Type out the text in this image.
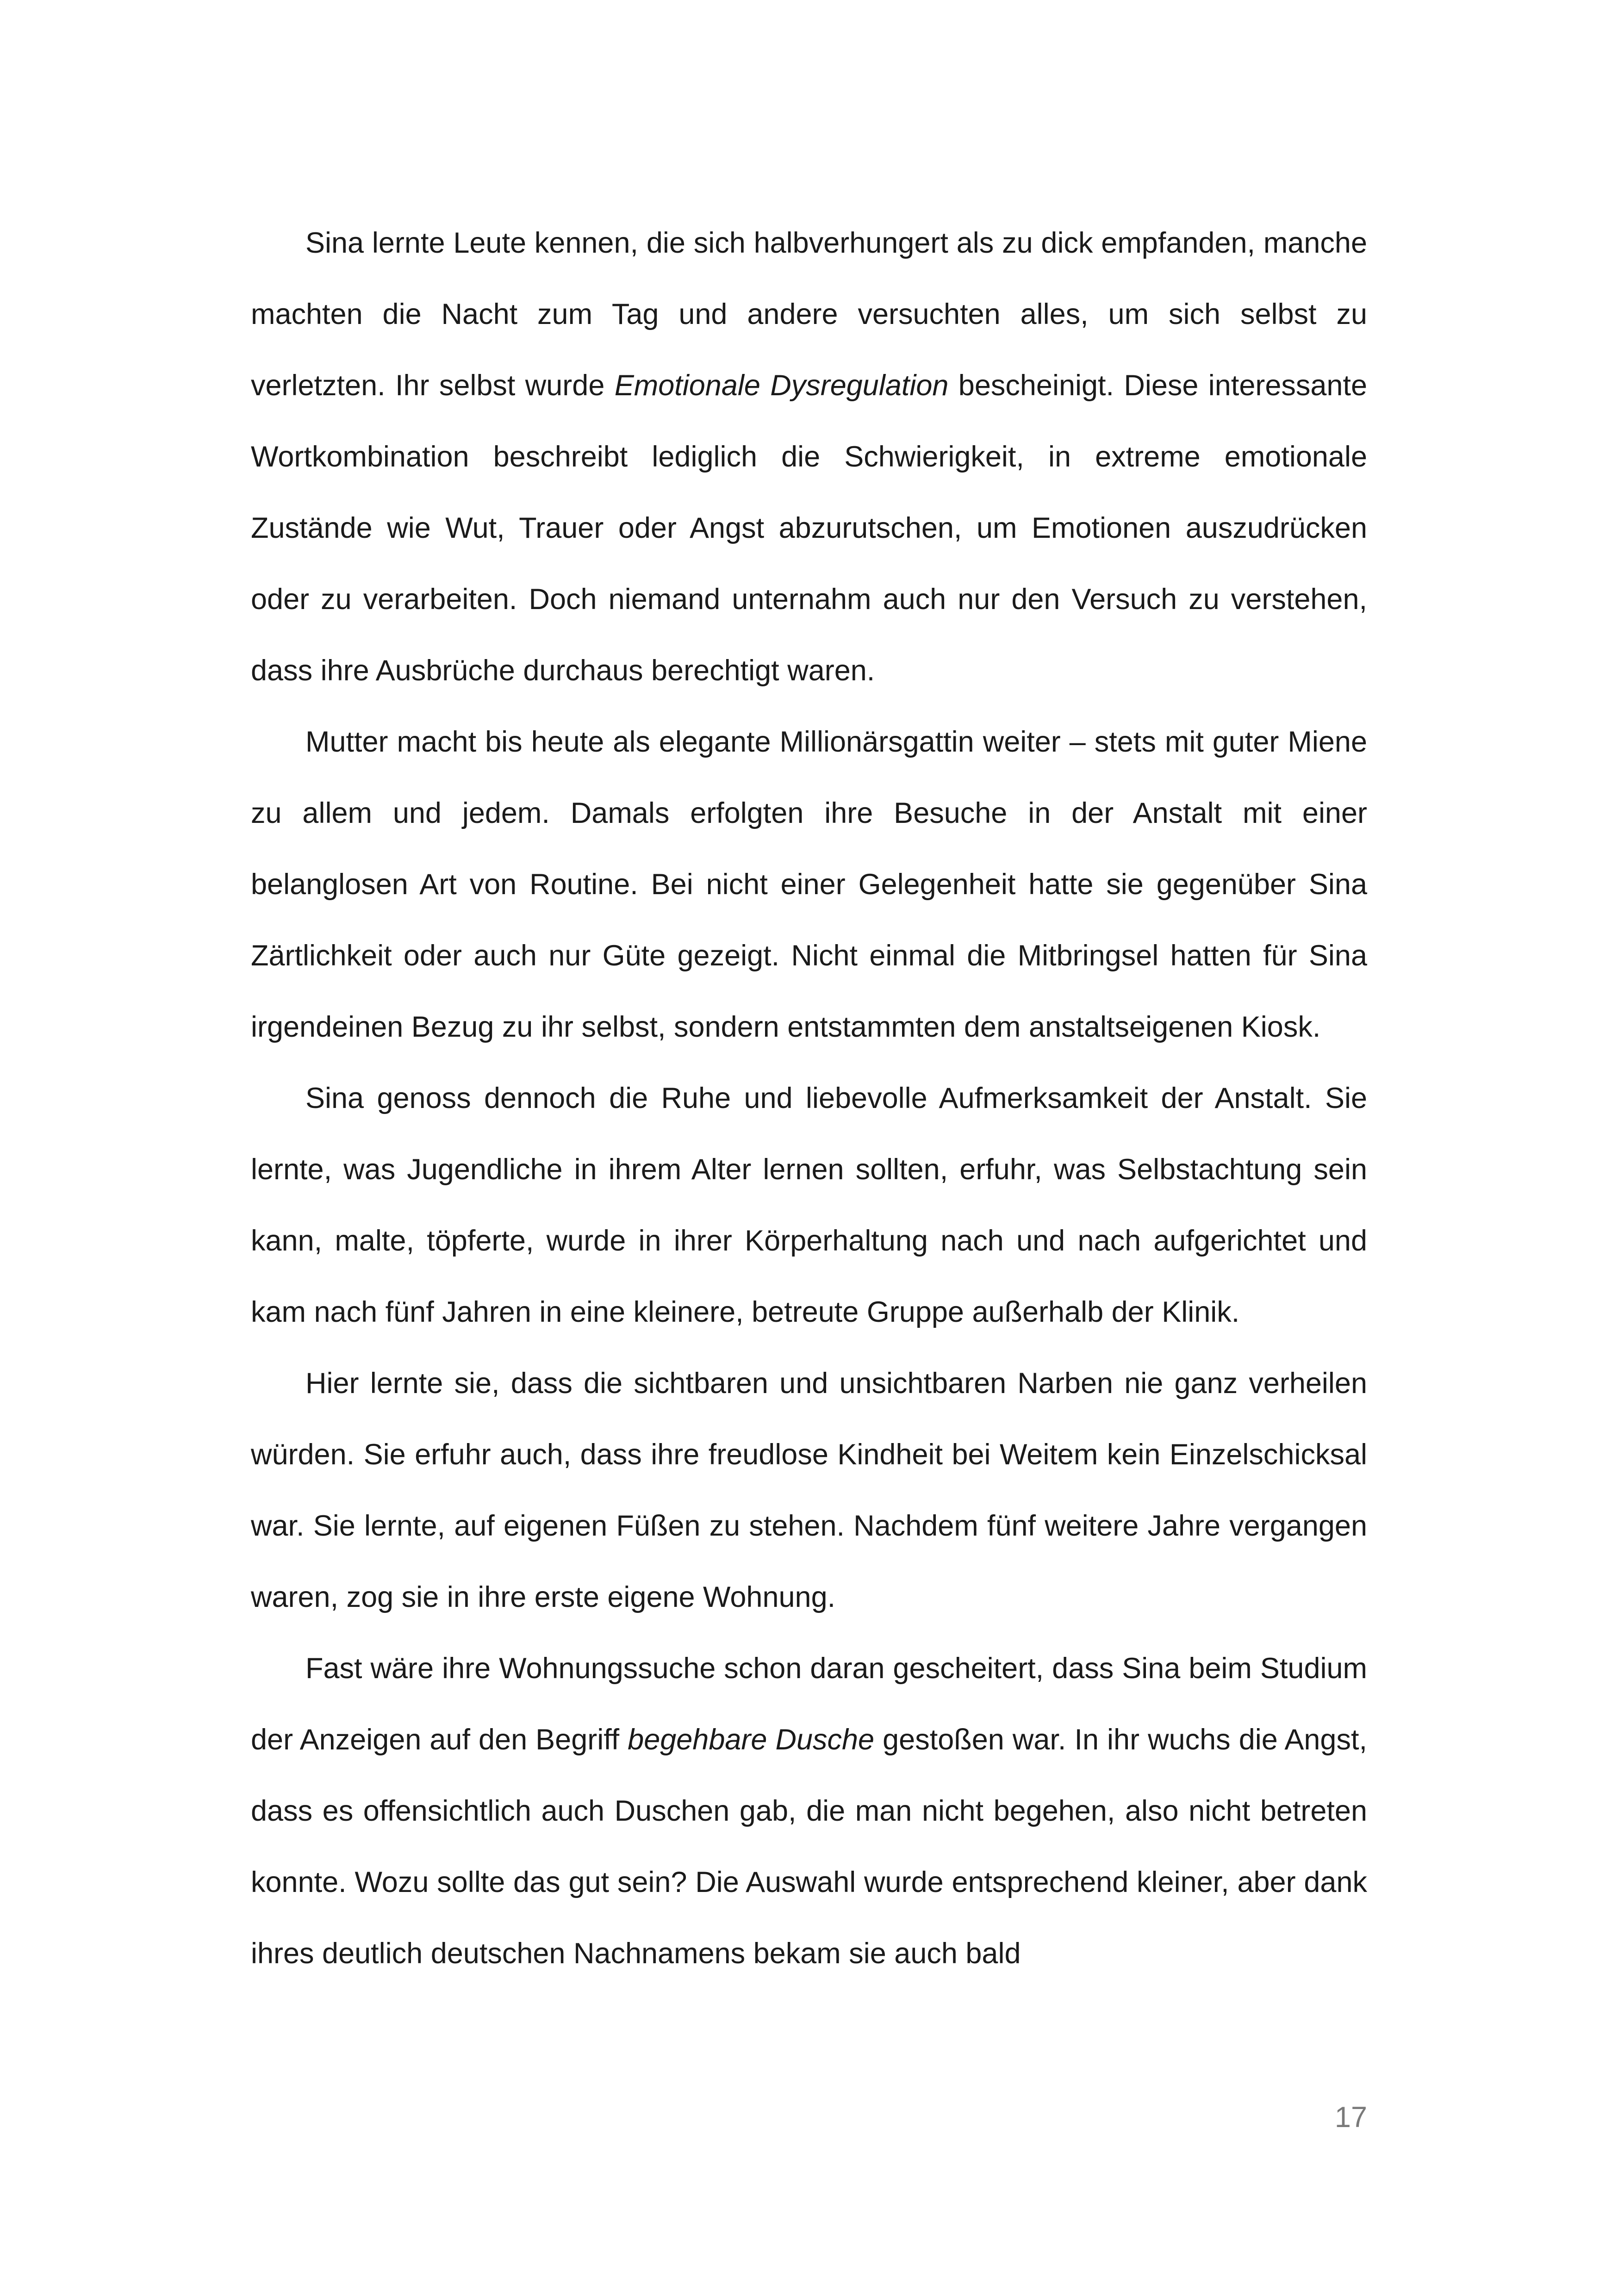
Sina lernte Leute kennen, die sich halbverhungert als zu dick empfanden, manche machten die Nacht zum Tag und andere versuchten alles, um sich selbst zu verletzten. Ihr selbst wurde Emotionale Dysregulation bescheinigt. Diese interessante Wortkombination beschreibt lediglich die Schwierigkeit, in extreme emotionale Zustände wie Wut, Trauer oder Angst abzurutschen, um Emotionen auszudrücken oder zu verarbeiten. Doch niemand unternahm auch nur den Versuch zu verstehen, dass ihre Ausbrüche durchaus berechtigt waren.

Mutter macht bis heute als elegante Millionärsgattin weiter – stets mit guter Miene zu allem und jedem. Damals erfolgten ihre Besuche in der Anstalt mit einer belanglosen Art von Routine. Bei nicht einer Gelegenheit hatte sie gegenüber Sina Zärtlichkeit oder auch nur Güte gezeigt. Nicht einmal die Mitbringsel hatten für Sina irgendeinen Bezug zu ihr selbst, sondern entstammten dem anstaltseigenen Kiosk.

Sina genoss dennoch die Ruhe und liebevolle Aufmerksamkeit der Anstalt. Sie lernte, was Jugendliche in ihrem Alter lernen sollten, erfuhr, was Selbstachtung sein kann, malte, töpferte, wurde in ihrer Körperhaltung nach und nach aufgerichtet und kam nach fünf Jahren in eine kleinere, betreute Gruppe außerhalb der Klinik.

Hier lernte sie, dass die sichtbaren und unsichtbaren Narben nie ganz verheilen würden. Sie erfuhr auch, dass ihre freudlose Kindheit bei Weitem kein Einzelschicksal war. Sie lernte, auf eigenen Füßen zu stehen. Nachdem fünf weitere Jahre vergangen waren, zog sie in ihre erste eigene Wohnung.

Fast wäre ihre Wohnungssuche schon daran gescheitert, dass Sina beim Studium der Anzeigen auf den Begriff begehbare Dusche gestoßen war. In ihr wuchs die Angst, dass es offensichtlich auch Duschen gab, die man nicht begehen, also nicht betreten konnte. Wozu sollte das gut sein? Die Auswahl wurde entsprechend kleiner, aber dank ihres deutlich deutschen Nachnamens bekam sie auch bald

17
